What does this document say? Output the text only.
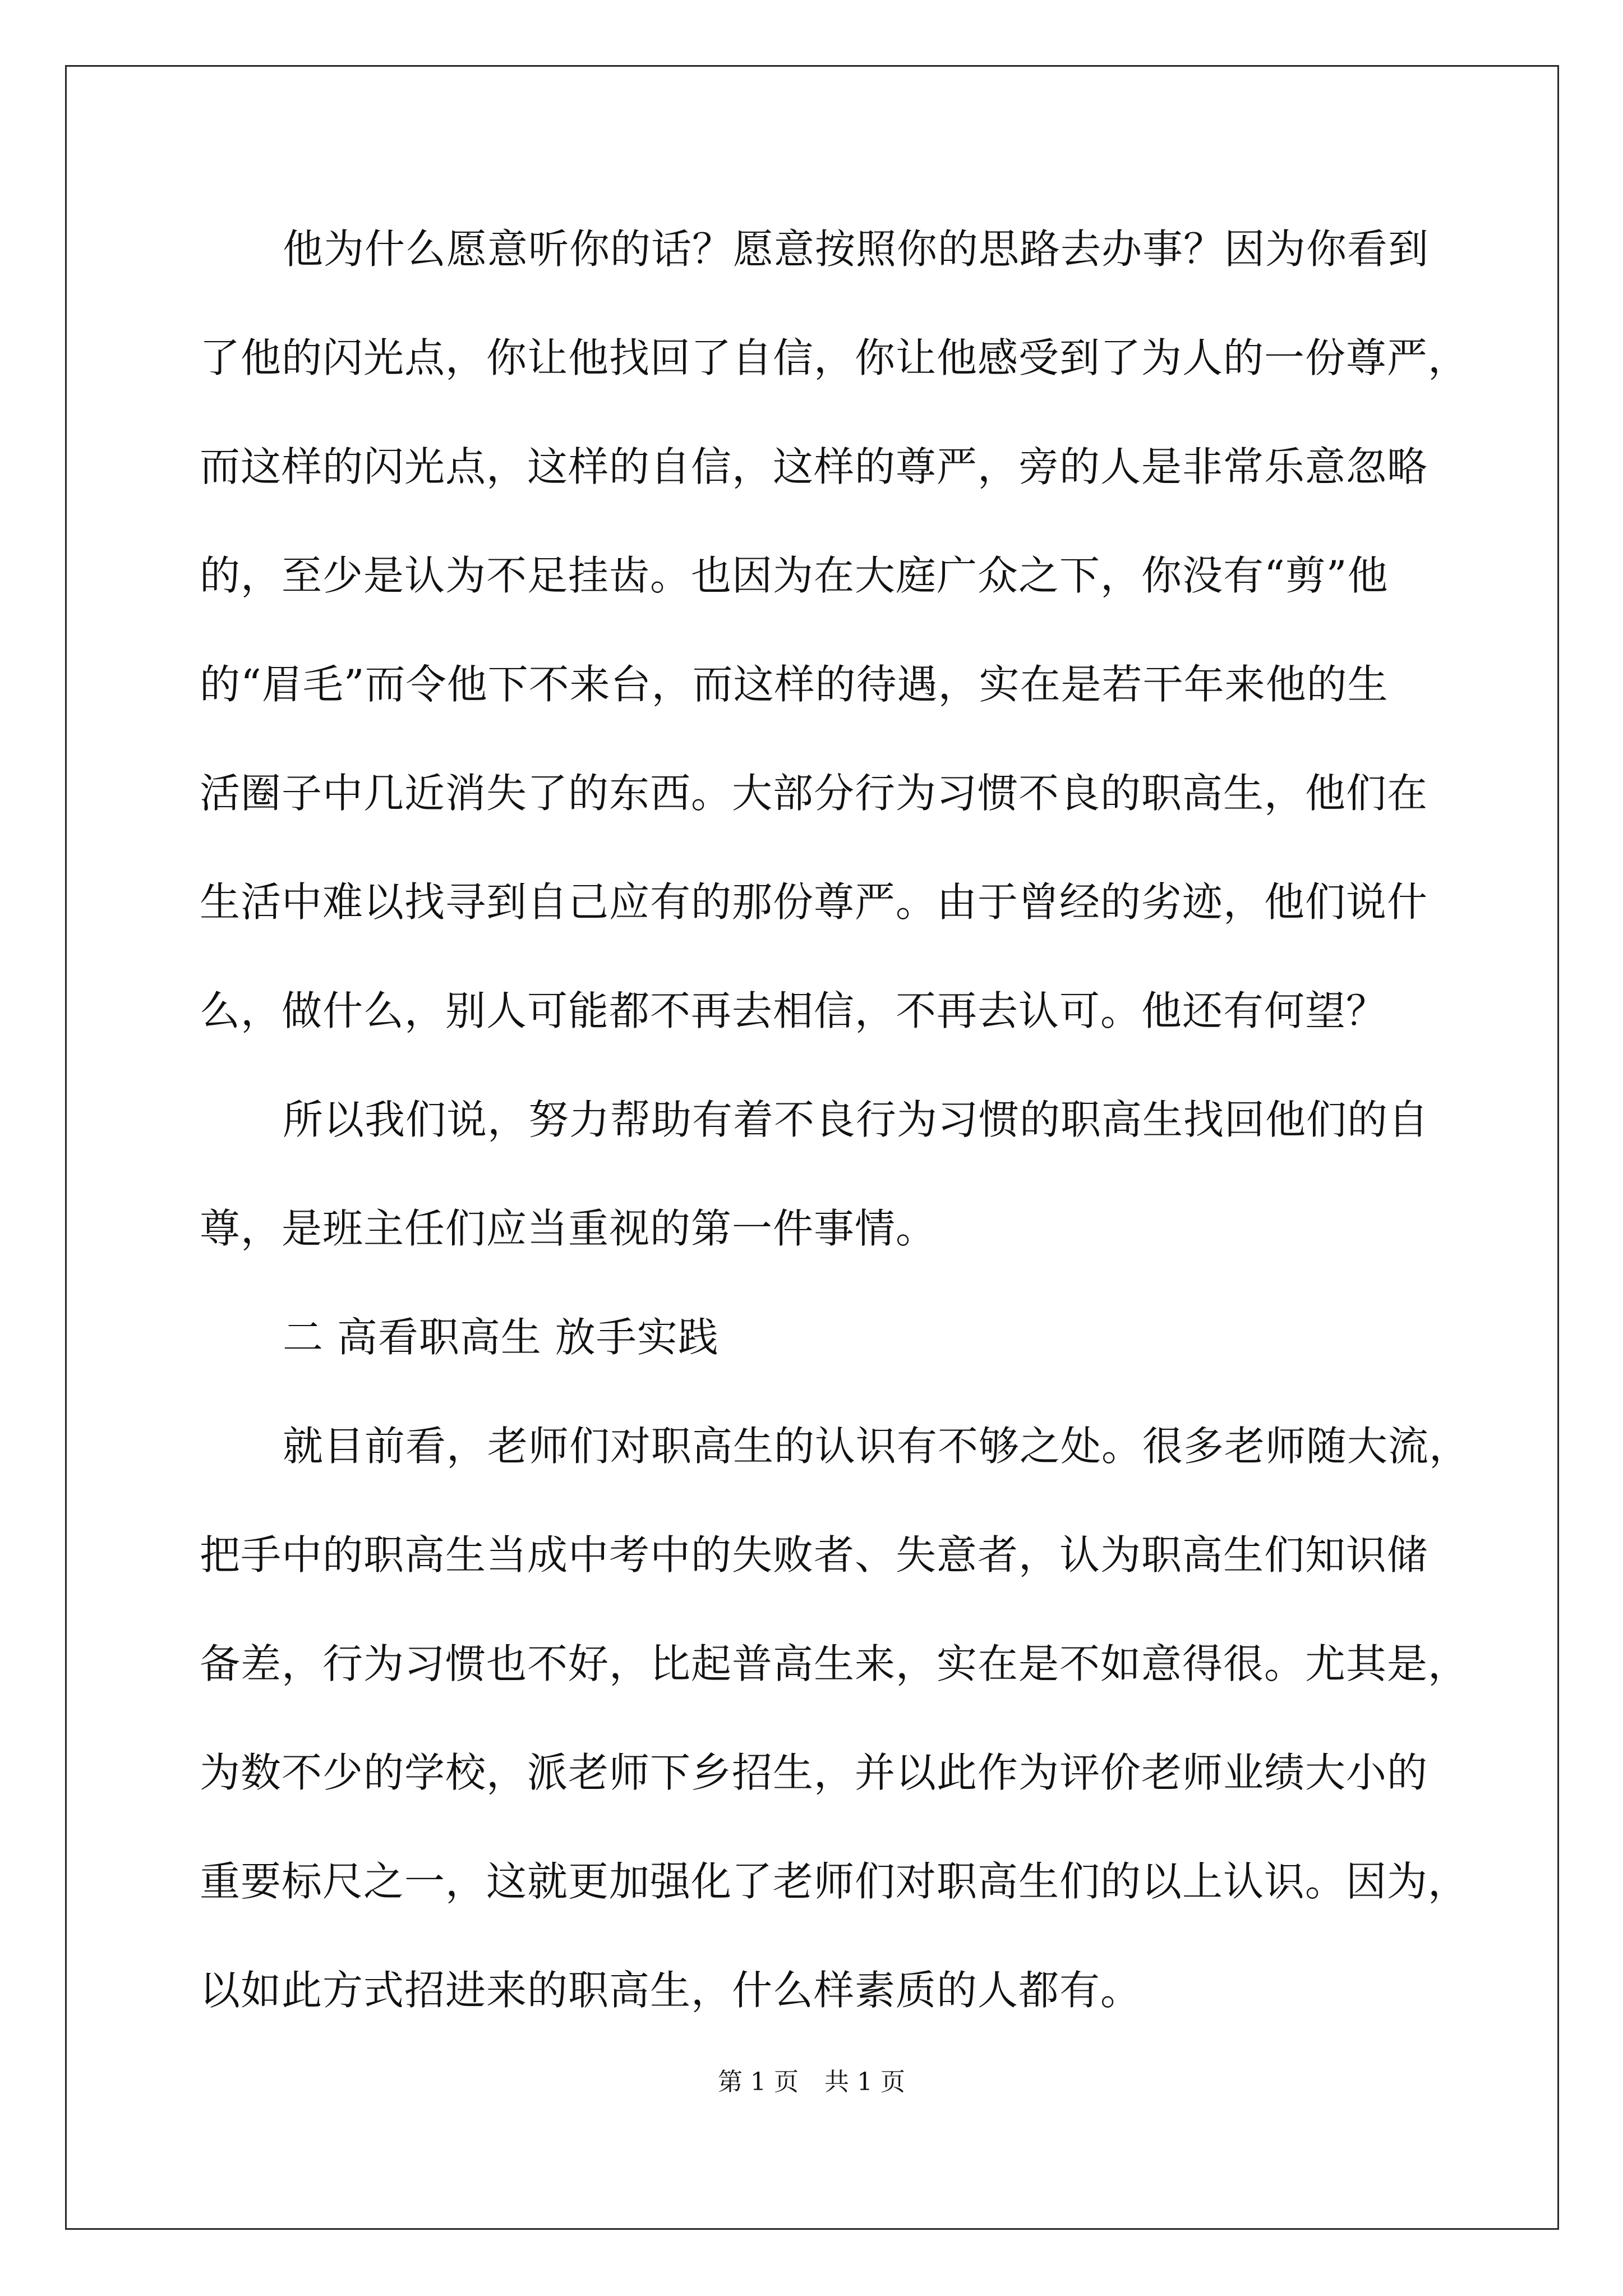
他为什么愿意听你的话？愿意按照你的思路去办事？因为你看到
了他的闪光点，你让他找回了自信，你让他感受到了为人的一份尊严，
而这样的闪光点，这样的自信，这样的尊严，旁的人是非常乐意忽略
的，至少是认为不足挂齿。也因为在大庭广众之下，你没有“剪”他
的“眉毛”而令他下不来台，而这样的待遇，实在是若干年来他的生
活圈子中几近消失了的东西。大部分行为习惯不良的职高生，他们在
生活中难以找寻到自己应有的那份尊严。由于曾经的劣迹，他们说什
么，做什么，别人可能都不再去相信，不再去认可。他还有何望？
所以我们说，努力帮助有着不良行为习惯的职高生找回他们的自
尊，是班主任们应当重视的第一件事情。
二 高看职高生 放手实践
就目前看，老师们对职高生的认识有不够之处。很多老师随大流，
把手中的职高生当成中考中的失败者、失意者，认为职高生们知识储
备差，行为习惯也不好，比起普高生来，实在是不如意得很。尤其是，
为数不少的学校，派老师下乡招生，并以此作为评价老师业绩大小的
重要标尺之一，这就更加强化了老师们对职高生们的以上认识。因为，
以如此方式招进来的职高生，什么样素质的人都有。
第 1 页 共 1 页
